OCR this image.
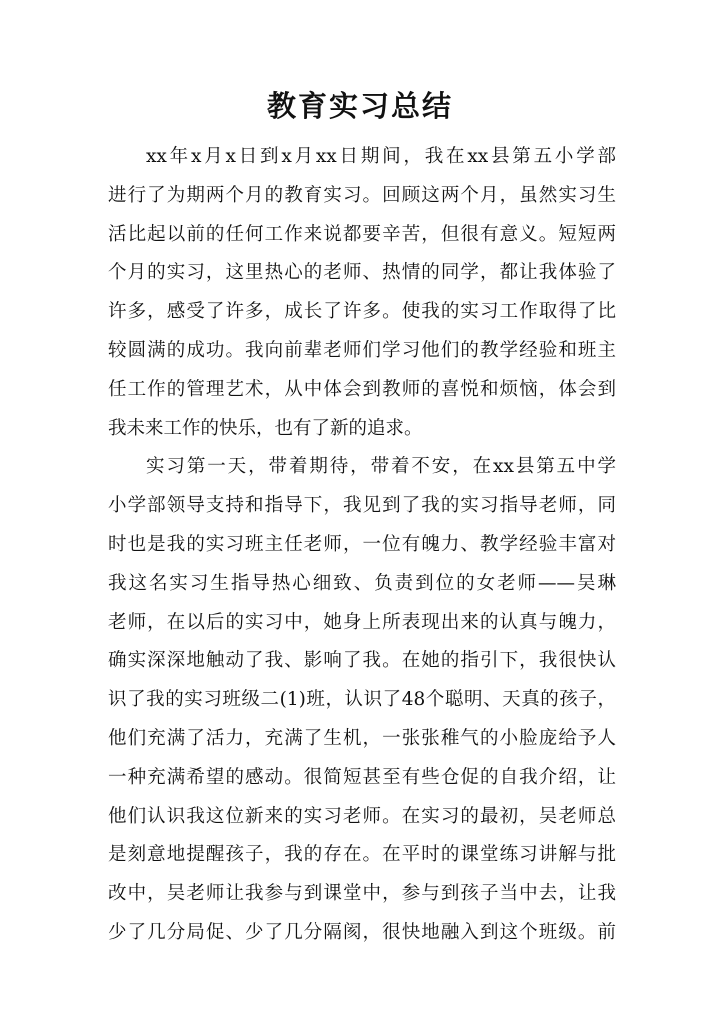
教育实习总结
xx年x月x日到x月xx日期间，我在xx县第五小学部
进行了为期两个月的教育实习。回顾这两个月，虽然实习生
活比起以前的任何工作来说都要辛苦，但很有意义。短短两
个月的实习，这里热心的老师、热情的同学，都让我体验了
许多，感受了许多，成长了许多。使我的实习工作取得了比
较圆满的成功。我向前辈老师们学习他们的教学经验和班主
任工作的管理艺术，从中体会到教师的喜悦和烦恼，体会到
我未来工作的快乐，也有了新的追求。
实习第一天，带着期待，带着不安，在xx县第五中学
小学部领导支持和指导下，我见到了我的实习指导老师，同
时也是我的实习班主任老师，一位有魄力、教学经验丰富对
我这名实习生指导热心细致、负责到位的女老师——吴琳
老师，在以后的实习中，她身上所表现出来的认真与魄力，
确实深深地触动了我、影响了我。在她的指引下，我很快认
识了我的实习班级二(1)班，认识了48个聪明、天真的孩子，
他们充满了活力，充满了生机，一张张稚气的小脸庞给予人
一种充满希望的感动。很简短甚至有些仓促的自我介绍，让
他们认识我这位新来的实习老师。在实习的最初，吴老师总
是刻意地提醒孩子，我的存在。在平时的课堂练习讲解与批
改中，吴老师让我参与到课堂中，参与到孩子当中去，让我
少了几分局促、少了几分隔阂，很快地融入到这个班级。前
